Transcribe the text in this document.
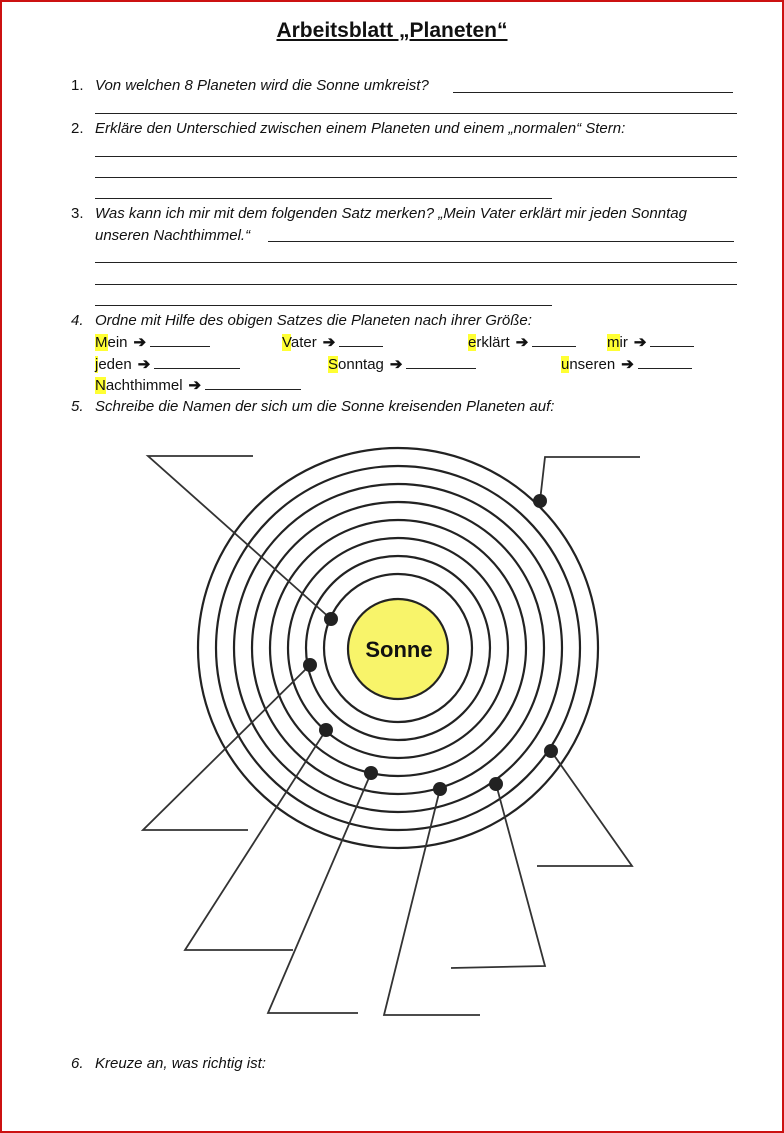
Arbeitsblatt „Planeten“
1. Von welchen 8 Planeten wird die Sonne umkreist?
2. Erkläre den Unterschied zwischen einem Planeten und einem „normalen“ Stern:
3. Was kann ich mir mit dem folgenden Satz merken? „Mein Vater erklärt mir jeden Sonntag
unseren Nachthimmel.“
4. Ordne mit Hilfe des obigen Satzes die Planeten nach ihrer Größe:
Mein ➔	Vater ➔	erklärt ➔	mir ➔
jeden ➔	Sonntag ➔	unseren ➔
Nachthimmel ➔
5. Schreibe die Namen der sich um die Sonne kreisenden Planeten auf:
Sonne
6. Kreuze an, was richtig ist:
